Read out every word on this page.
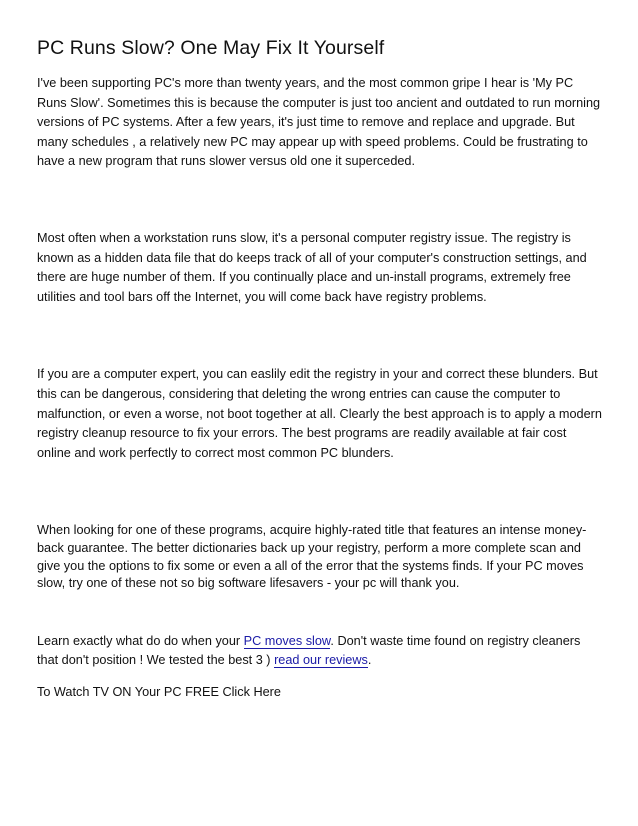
PC Runs Slow? One May Fix It Yourself

I've been supporting PC's more than twenty years, and the most common gripe I hear is 'My PC Runs Slow'. Sometimes this is because the computer is just too ancient and outdated to run morning versions of PC systems. After a few years, it's just time to remove and replace and upgrade. But many schedules , a relatively new PC may appear up with speed problems. Could be frustrating to have a new program that runs slower versus old one it superceded.

Most often when a workstation runs slow, it's a personal computer registry issue. The registry is known as a hidden data file that do keeps track of all of your computer's construction settings, and there are huge number of them. If you continually place and un-install programs, extremely free utilities and tool bars off the Internet, you will come back have registry problems.

If you are a computer expert, you can easlily edit the registry in your and correct these blunders. But this can be dangerous, considering that deleting the wrong entries can cause the computer to malfunction, or even a worse, not boot together at all. Clearly the best approach is to apply a modern registry cleanup resource to fix your errors. The best programs are readily available at fair cost online and work perfectly to correct most common PC blunders.

When looking for one of these programs, acquire highly-rated title that features an intense money-back guarantee. The better dictionaries back up your registry, perform a more complete scan and give you the options to fix some or even a all of the error that the systems finds. If your PC moves slow, try one of these not so big software lifesavers - your pc will thank you.

Learn exactly what do do when your PC moves slow. Don't waste time found on registry cleaners that don't position ! We tested the best 3 ) read our reviews.

To Watch TV ON Your PC FREE Click Here
